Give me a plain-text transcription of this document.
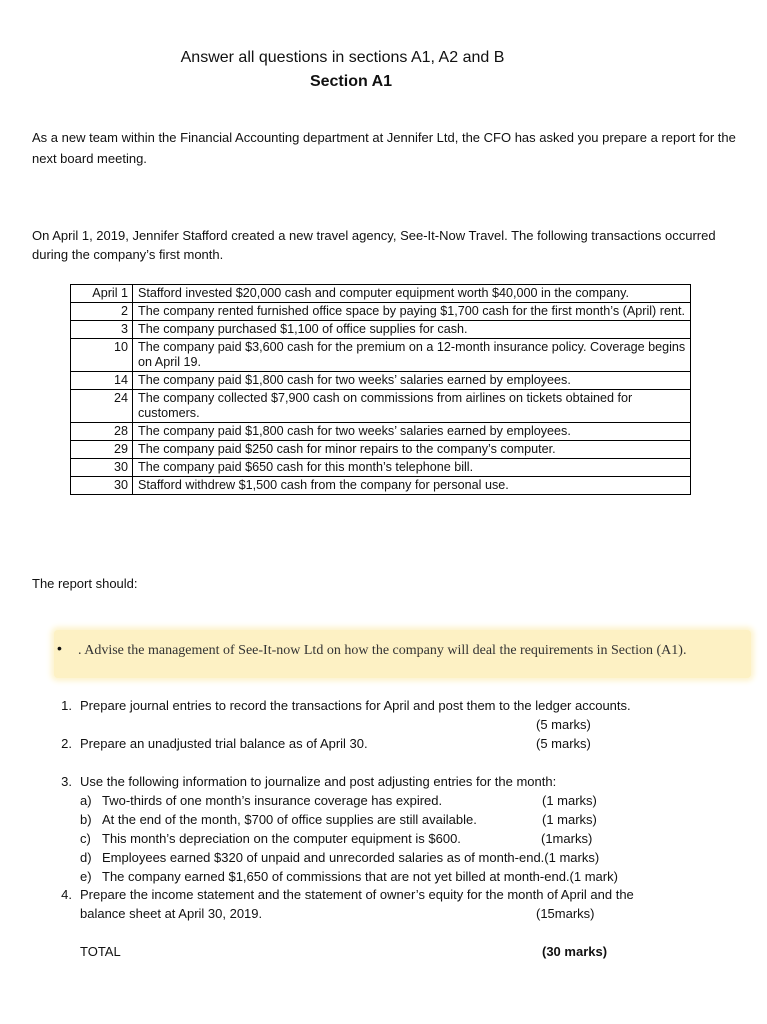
Answer all questions in sections A1, A2 and B
Section A1
As a new team within the Financial Accounting department at Jennifer Ltd, the CFO has asked you prepare a report for the next board meeting.
On April 1, 2019, Jennifer Stafford created a new travel agency, See-It-Now Travel. The following transactions occurred during the company’s first month.
April 1	Stafford invested $20,000 cash and computer equipment worth $40,000 in the company.
2	The company rented furnished office space by paying $1,700 cash for the first month’s (April) rent.
3	The company purchased $1,100 of office supplies for cash.
10	The company paid $3,600 cash for the premium on a 12-month insurance policy. Coverage begins on April 19.
14	The company paid $1,800 cash for two weeks’ salaries earned by employees.
24	The company collected $7,900 cash on commissions from airlines on tickets obtained for customers.
28	The company paid $1,800 cash for two weeks’ salaries earned by employees.
29	The company paid $250 cash for minor repairs to the company’s computer.
30	The company paid $650 cash for this month’s telephone bill.
30	Stafford withdrew $1,500 cash from the company for personal use.
The report should:
• . Advise the management of See-It-now Ltd on how the company will deal the requirements in Section (A1).
1. Prepare journal entries to record the transactions for April and post them to the ledger accounts.
(5 marks)
2. Prepare an unadjusted trial balance as of April 30.	(5 marks)
3. Use the following information to journalize and post adjusting entries for the month:
a) Two-thirds of one month’s insurance coverage has expired.	(1 marks)
b) At the end of the month, $700 of office supplies are still available.	(1 marks)
c) This month’s depreciation on the computer equipment is $600.	(1marks)
d) Employees earned $320 of unpaid and unrecorded salaries as of month-end.(1 marks)
e) The company earned $1,650 of commissions that are not yet billed at month-end.(1 mark)
4. Prepare the income statement and the statement of owner’s equity for the month of April and the
balance sheet at April 30, 2019.	(15marks)
TOTAL	(30 marks)
